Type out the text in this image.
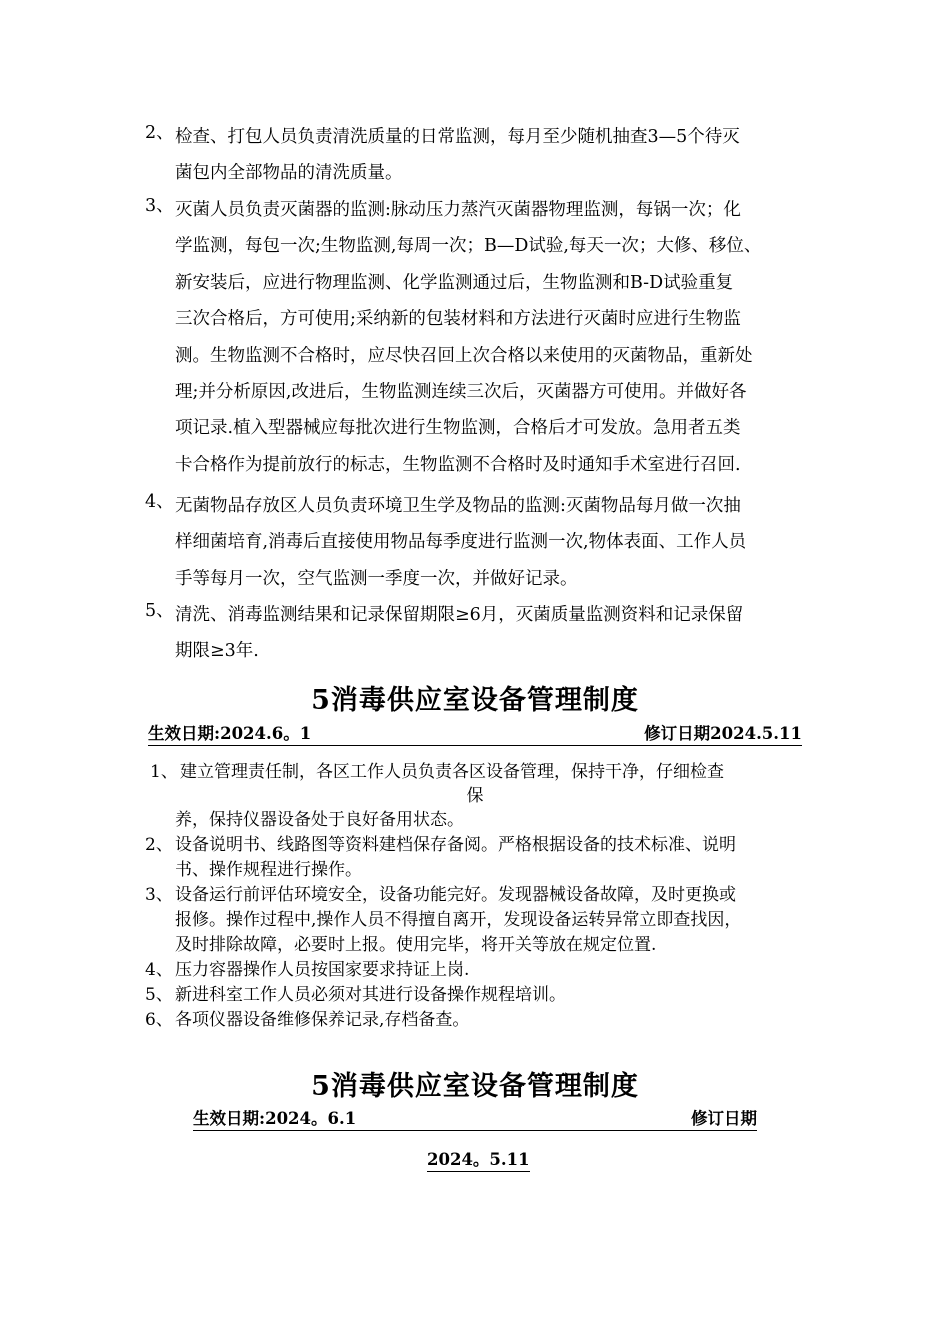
2、 检查、打包人员负责清洗质量的日常监测，每月至少随机抽查3—5个待灭
菌包内全部物品的清洗质量。
3、 灭菌人员负责灭菌器的监测:脉动压力蒸汽灭菌器物理监测，每锅一次；化
学监测，每包一次;生物监测,每周一次；B—D试验,每天一次；大修、移位、
新安装后，应进行物理监测、化学监测通过后，生物监测和B-D试验重复
三次合格后，方可使用;采纳新的包装材料和方法进行灭菌时应进行生物监
测。生物监测不合格时，应尽快召回上次合格以来使用的灭菌物品，重新处
理;并分析原因,改进后，生物监测连续三次后，灭菌器方可使用。并做好各
项记录.植入型器械应每批次进行生物监测，合格后才可发放。急用者五类
卡合格作为提前放行的标志，生物监测不合格时及时通知手术室进行召回.
4、 无菌物品存放区人员负责环境卫生学及物品的监测:灭菌物品每月做一次抽
样细菌培育,消毒后直接使用物品每季度进行监测一次,物体表面、工作人员
手等每月一次，空气监测一季度一次，并做好记录。
5、 清洗、消毒监测结果和记录保留期限≥6月，灭菌质量监测资料和记录保留
期限≥3年.
5消毒供应室设备管理制度
生效日期:2024.6。1	修订日期2024.5.11
1、 建立管理责任制，各区工作人员负责各区设备管理，保持干净，仔细检查
保
养，保持仪器设备处于良好备用状态。
2、 设备说明书、线路图等资料建档保存备阅。严格根据设备的技术标准、说明
书、操作规程进行操作。
3、 设备运行前评估环境安全，设备功能完好。发现器械设备故障，及时更换或
报修。操作过程中,操作人员不得擅自离开，发现设备运转异常立即查找因，
及时排除故障，必要时上报。使用完毕，将开关等放在规定位置.
4、 压力容器操作人员按国家要求持证上岗.
5、 新进科室工作人员必须对其进行设备操作规程培训。
6、 各项仪器设备维修保养记录,存档备查。
5消毒供应室设备管理制度
生效日期:2024。6.1	修订日期
2024。5.11
